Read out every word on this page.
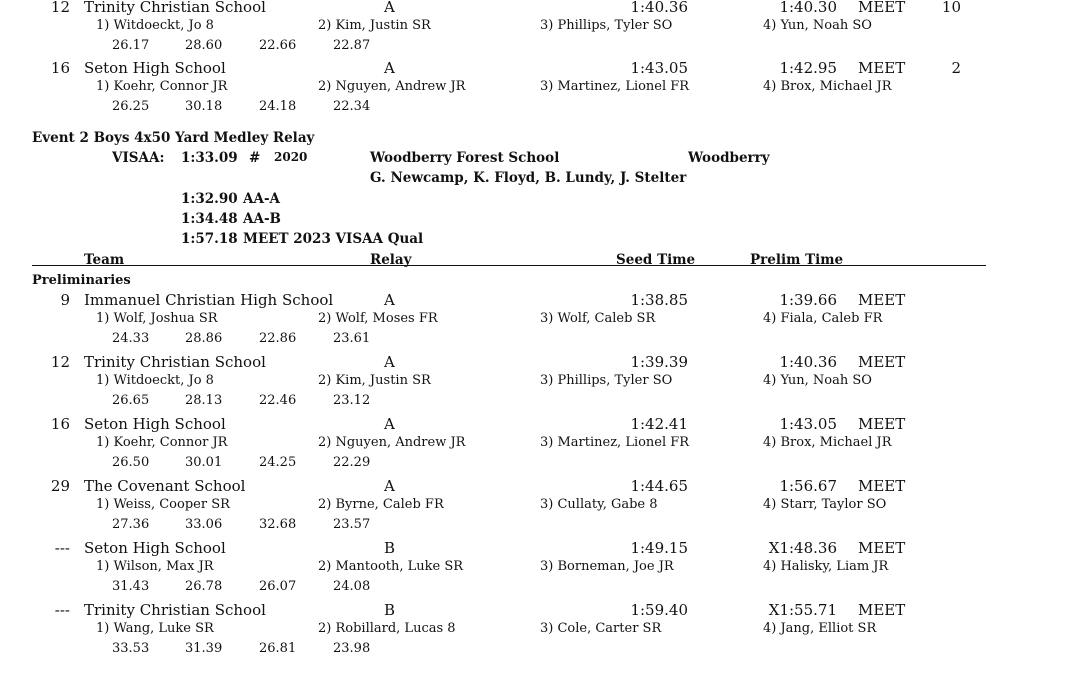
12 Trinity Christian School	A	1:40.36	1:40.30 MEET 10
1) Witdoeckt, Jo 8	2) Kim, Justin SR	3) Phillips, Tyler SO	4) Yun, Noah SO
26.17	28.60	22.66	22.87
16 Seton High School	A	1:43.05	1:42.95 MEET	2
1) Koehr, Connor JR	2) Nguyen, Andrew JR	3) Martinez, Lionel FR	4) Brox, Michael JR
26.25	30.18	24.18	22.34
Event 2 Boys 4x50 Yard Medley Relay
VISAA: 1:33.09 # 2020	Woodberry Forest School	Woodberry
G. Newcamp, K. Floyd, B. Lundy, J. Stelter
1:32.90 AA-A
1:34.48 AA-B
1:57.18 MEET 2023 VISAA Qual
Team	Relay	Seed Time	Prelim Time
Preliminaries
9 Immanuel Christian High School	A	1:38.85	1:39.66 MEET
1) Wolf, Joshua SR	2) Wolf, Moses FR	3) Wolf, Caleb SR	4) Fiala, Caleb FR
24.33	28.86	22.86	23.61
12 Trinity Christian School	A	1:39.39	1:40.36 MEET
1) Witdoeckt, Jo 8	2) Kim, Justin SR	3) Phillips, Tyler SO	4) Yun, Noah SO
26.65	28.13	22.46	23.12
16 Seton High School	A	1:42.41	1:43.05 MEET
1) Koehr, Connor JR	2) Nguyen, Andrew JR	3) Martinez, Lionel FR	4) Brox, Michael JR
26.50	30.01	24.25	22.29
29 The Covenant School	A	1:44.65	1:56.67 MEET
1) Weiss, Cooper SR	2) Byrne, Caleb FR	3) Cullaty, Gabe 8	4) Starr, Taylor SO
27.36	33.06	32.68	23.57
--- Seton High School	B	1:49.15	X1:48.36 MEET
1) Wilson, Max JR	2) Mantooth, Luke SR	3) Borneman, Joe JR	4) Halisky, Liam JR
31.43	26.78	26.07	24.08
--- Trinity Christian School	B	1:59.40	X1:55.71 MEET
1) Wang, Luke SR	2) Robillard, Lucas 8	3) Cole, Carter SR	4) Jang, Elliot SR
33.53	31.39	26.81	23.98
